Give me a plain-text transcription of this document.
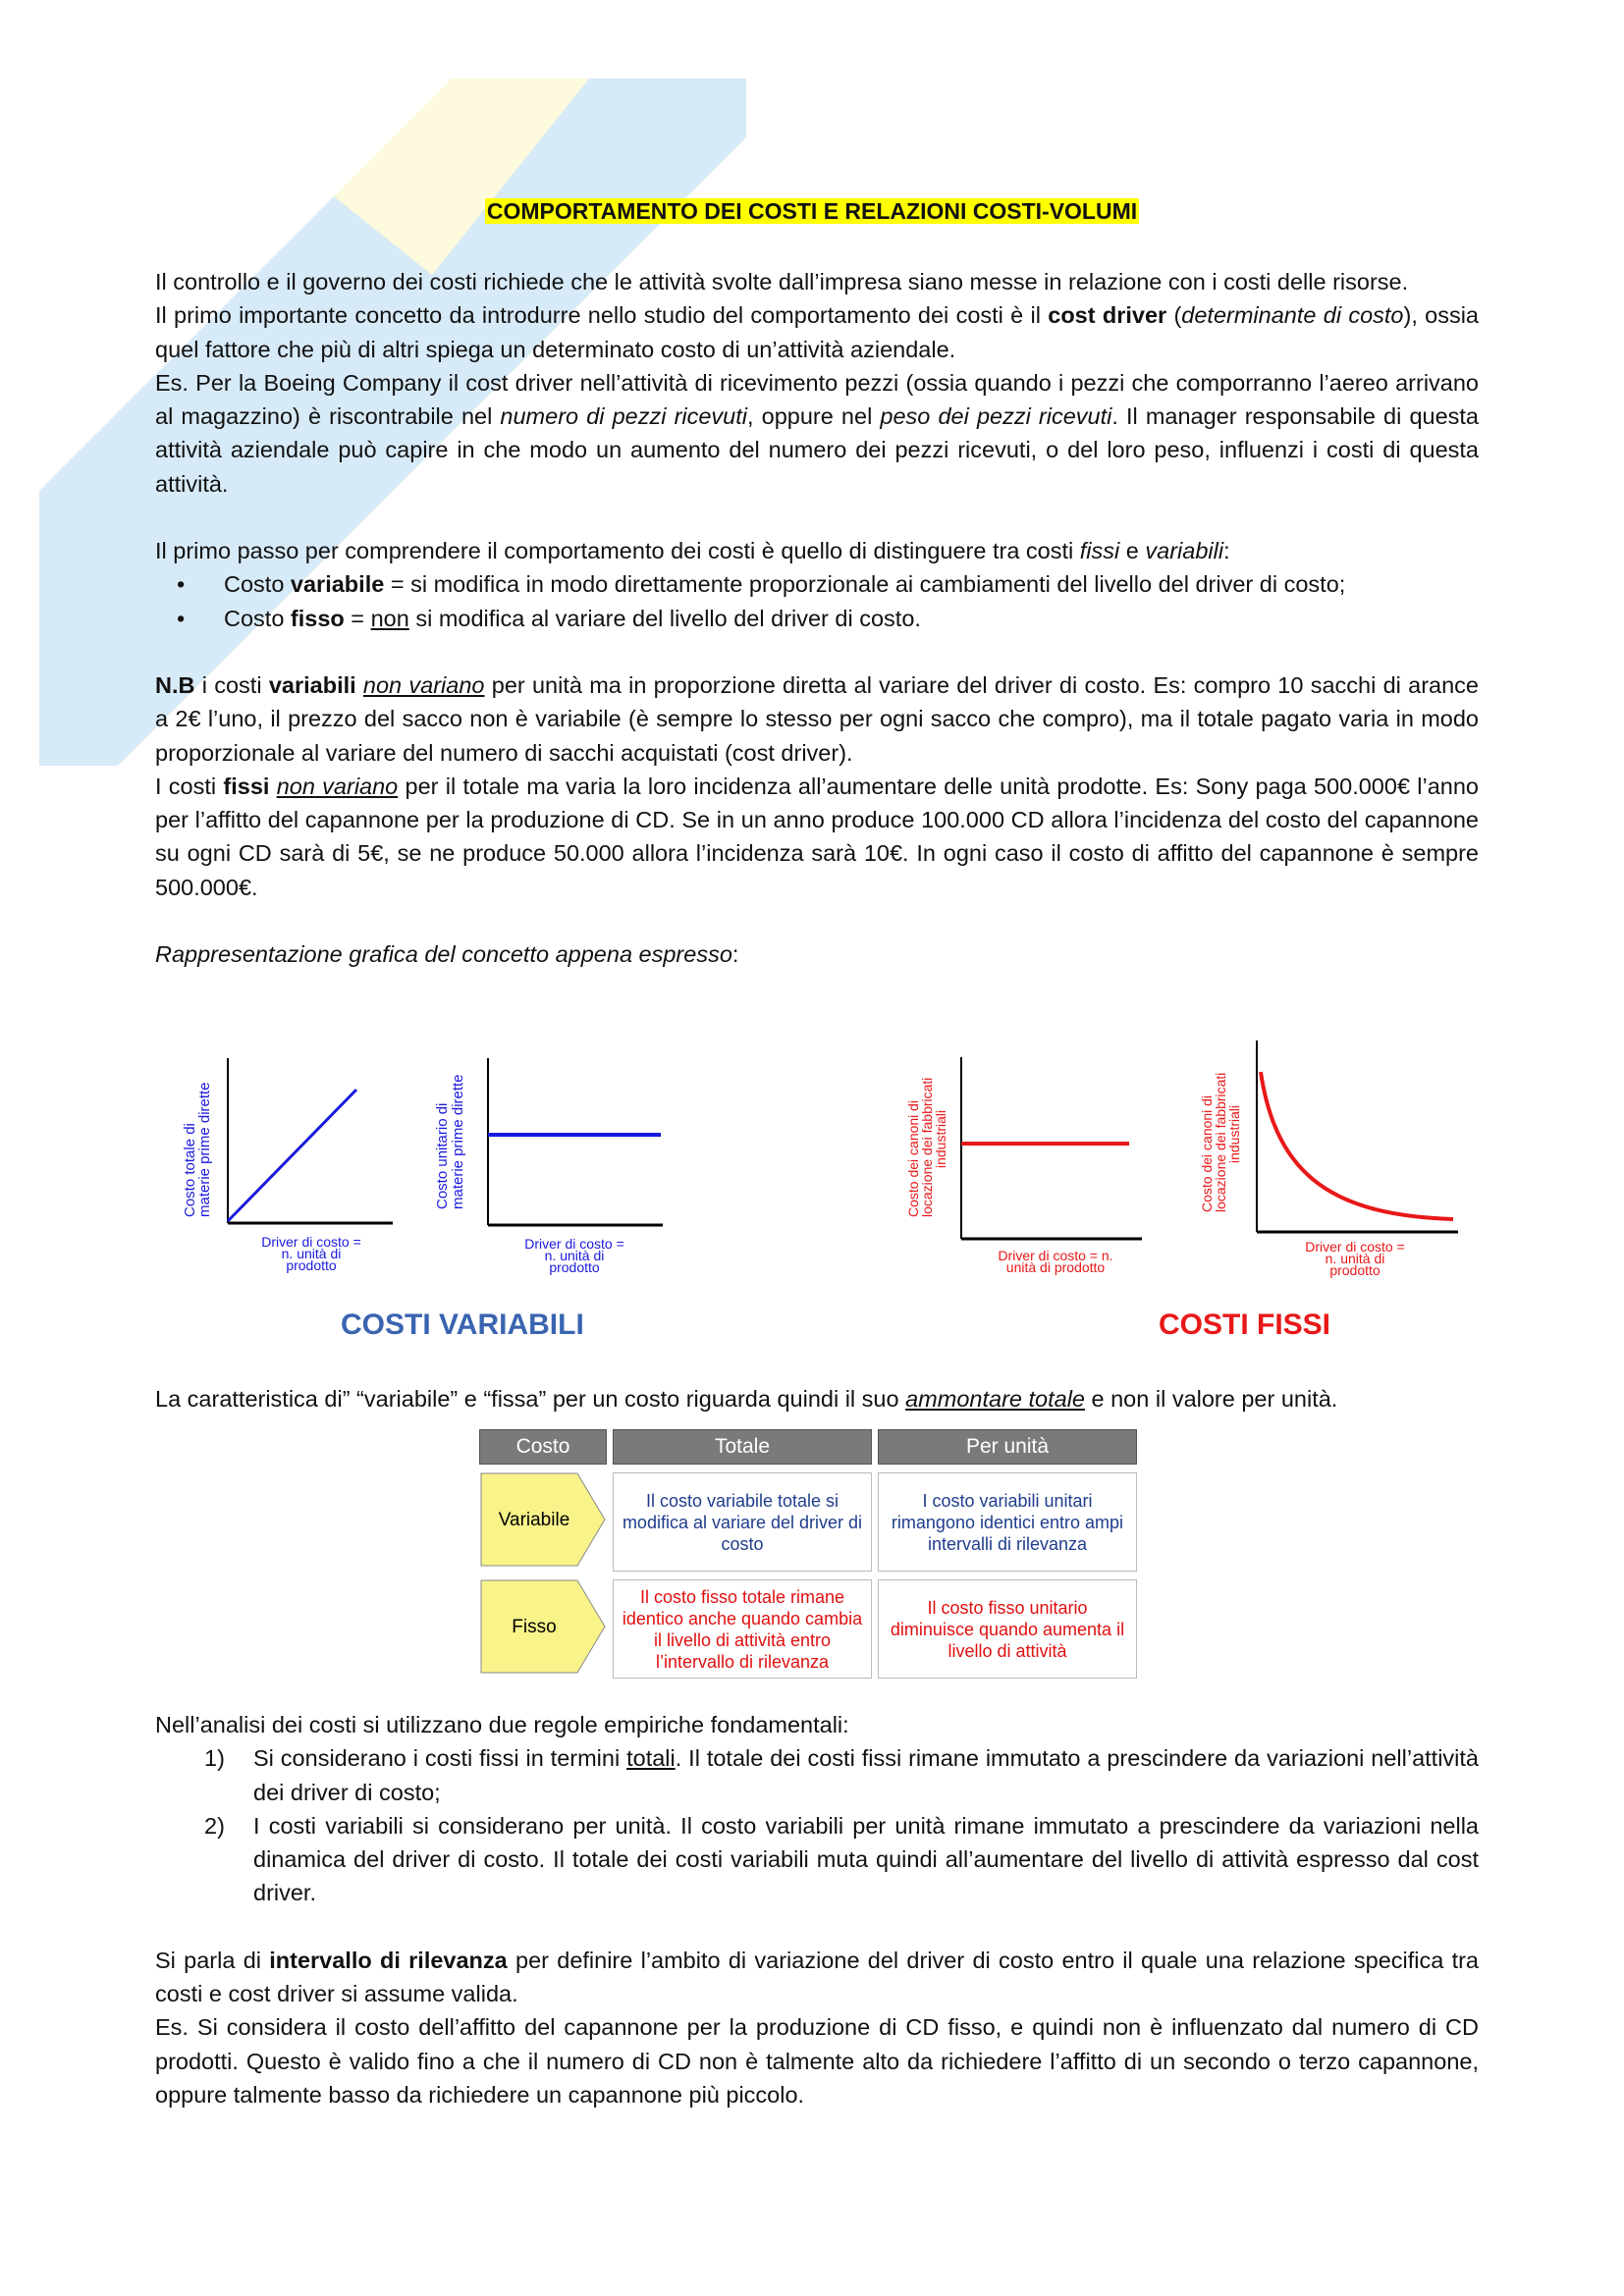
COMPORTAMENTO DEI COSTI E RELAZIONI COSTI-VOLUMI

Il controllo e il governo dei costi richiede che le attività svolte dall’impresa siano messe in relazione con i costi delle risorse.

Il primo importante concetto da introdurre nello studio del comportamento dei costi è il cost driver (determinante di costo), ossia quel fattore che più di altri spiega un determinato costo di un’attività aziendale.

Es. Per la Boeing Company il cost driver nell’attività di ricevimento pezzi (ossia quando i pezzi che comporranno l’aereo arrivano al magazzino) è riscontrabile nel numero di pezzi ricevuti, oppure nel peso dei pezzi ricevuti. Il manager responsabile di questa attività aziendale può capire in che modo un aumento del numero dei pezzi ricevuti, o del loro peso, influenzi i costi di questa attività.

Il primo passo per comprendere il comportamento dei costi è quello di distinguere tra costi fissi e variabili:

• Costo variabile = si modifica in modo direttamente proporzionale ai cambiamenti del livello del driver di costo;
• Costo fisso = non si modifica al variare del livello del driver di costo.

N.B i costi variabili non variano per unità ma in proporzione diretta al variare del driver di costo. Es: compro 10 sacchi di arance a 2€ l’uno, il prezzo del sacco non è variabile (è sempre lo stesso per ogni sacco che compro), ma il totale pagato varia in modo proporzionale al variare del numero di sacchi acquistati (cost driver).

I costi fissi non variano per il totale ma varia la loro incidenza all’aumentare delle unità prodotte. Es: Sony paga 500.000€ l’anno per l’affitto del capannone per la produzione di CD. Se in un anno produce 100.000 CD allora l’incidenza del costo del capannone su ogni CD sarà di 5€, se ne produce 50.000 allora l’incidenza sarà 10€. In ogni caso il costo di affitto del capannone è sempre 500.000€.

Rappresentazione grafica del concetto appena espresso:

Costo totale di
materie prime dirette
Driver di costo =
n. unità di
prodotto
Costo unitario di materie prime dirette
Driver di costo =
n. unità di
prodotto
Costo dei canoni di
locazione dei fabbricati
industriali
Driver di costo = n.
unità di prodotto
Costo dei canoni di
locazione dei fabbricati
industriali
Driver di costo =
n. unità di
prodotto
COSTI VARIABILI	COSTI FISSI

La caratteristica di” “variabile” e “fissa” per un costo riguarda quindi il suo ammontare totale e non il valore per unità.

Costo	Totale	Per unità

Variabile	Il costo variabile totale si modifica al variare del driver di costo	I costo variabili unitari rimangono identici entro ampi intervalli di rilevanza

Fisso	Il costo fisso totale rimane identico anche quando cambia il livello di attività entro l’intervallo di rilevanza	Il costo fisso unitario diminuisce quando aumenta il livello di attività

Nell’analisi dei costi si utilizzano due regole empiriche fondamentali:

1) Si considerano i costi fissi in termini totali. Il totale dei costi fissi rimane immutato a prescindere da variazioni nell’attività dei driver di costo;
2) I costi variabili si considerano per unità. Il costo variabili per unità rimane immutato a prescindere da variazioni nella dinamica del driver di costo. Il totale dei costi variabili muta quindi all’aumentare del livello di attività espresso dal cost driver.

Si parla di intervallo di rilevanza per definire l’ambito di variazione del driver di costo entro il quale una relazione specifica tra costi e cost driver si assume valida.

Es. Si considera il costo dell’affitto del capannone per la produzione di CD fisso, e quindi non è influenzato dal numero di CD prodotti. Questo è valido fino a che il numero di CD non è talmente alto da richiedere l’affitto di un secondo o terzo capannone, oppure talmente basso da richiedere un capannone più piccolo.
